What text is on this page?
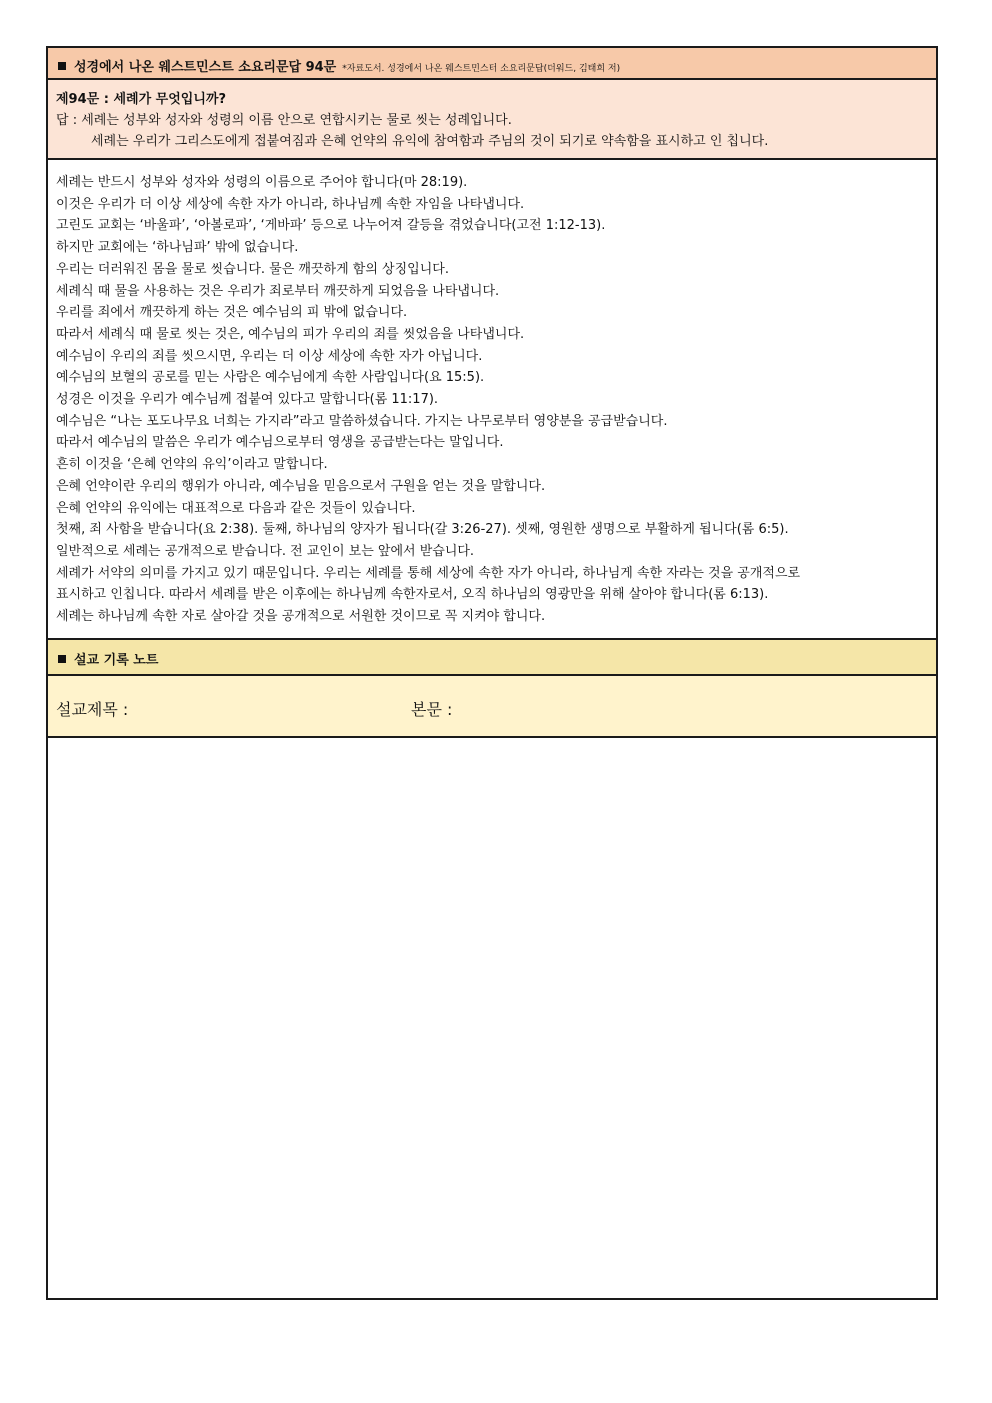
성경에서 나온 웨스트민스트 소요리문답 94문 *자료도서. 성경에서 나온 웨스트민스터 소요리문답(더워드, 김태희 저)
제94문 : 세례가 무엇입니까?
답 : 세례는 성부와 성자와 성령의 이름 안으로 연합시키는 물로 씻는 성례입니다.
세례는 우리가 그리스도에게 접붙여짐과 은혜 언약의 유익에 참여함과 주님의 것이 되기로 약속함을 표시하고 인 칩니다.
세례는 반드시 성부와 성자와 성령의 이름으로 주어야 합니다(마 28:19).
이것은 우리가 더 이상 세상에 속한 자가 아니라, 하나님께 속한 자임을 나타냅니다.
고린도 교회는 ‘바울파’, ‘아볼로파’, ‘게바파’ 등으로 나누어져 갈등을 겪었습니다(고전 1:12-13).
하지만 교회에는 ‘하나님파’ 밖에 없습니다.
우리는 더러워진 몸을 물로 씻습니다. 물은 깨끗하게 함의 상징입니다.
세례식 때 물을 사용하는 것은 우리가 죄로부터 깨끗하게 되었음을 나타냅니다.
우리를 죄에서 깨끗하게 하는 것은 예수님의 피 밖에 없습니다.
따라서 세례식 때 물로 씻는 것은, 예수님의 피가 우리의 죄를 씻었음을 나타냅니다.
예수님이 우리의 죄를 씻으시면, 우리는 더 이상 세상에 속한 자가 아닙니다.
예수님의 보혈의 공로를 믿는 사람은 예수님에게 속한 사람입니다(요 15:5).
성경은 이것을 우리가 예수님께 접붙여 있다고 말합니다(롬 11:17).
예수님은 “나는 포도나무요 너희는 가지라”라고 말씀하셨습니다. 가지는 나무로부터 영양분을 공급받습니다.
따라서 예수님의 말씀은 우리가 예수님으로부터 영생을 공급받는다는 말입니다.
흔히 이것을 ‘은혜 언약의 유익’이라고 말합니다.
은혜 언약이란 우리의 행위가 아니라, 예수님을 믿음으로서 구원을 얻는 것을 말합니다.
은혜 언약의 유익에는 대표적으로 다음과 같은 것들이 있습니다.
첫째, 죄 사함을 받습니다(요 2:38). 둘째, 하나님의 양자가 됩니다(갈 3:26-27). 셋째, 영원한 생명으로 부활하게 됩니다(롬 6:5).
일반적으로 세례는 공개적으로 받습니다. 전 교인이 보는 앞에서 받습니다.
세례가 서약의 의미를 가지고 있기 때문입니다. 우리는 세례를 통해 세상에 속한 자가 아니라, 하나님게 속한 자라는 것을 공개적으로
표시하고 인칩니다. 따라서 세례를 받은 이후에는 하나님께 속한자로서, 오직 하나님의 영광만을 위해 살아야 합니다(롬 6:13).
세례는 하나님께 속한 자로 살아갈 것을 공개적으로 서원한 것이므로 꼭 지켜야 합니다.
설교 기록 노트
설교제목 :	본문 :
